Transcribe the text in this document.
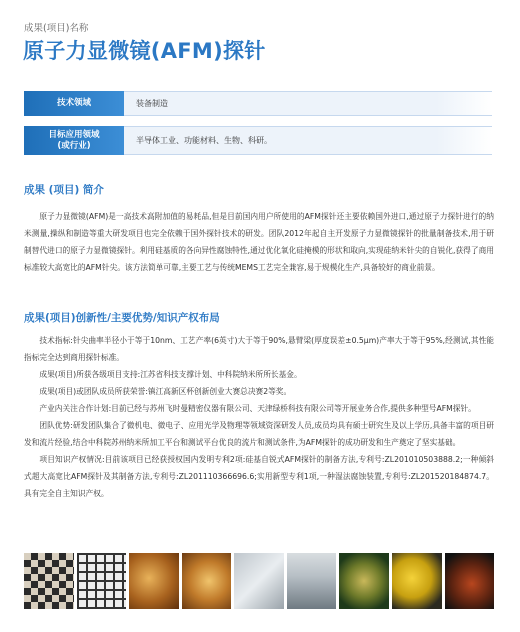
成果(项目)名称
原子力显微镜(AFM)探针
技术领域	装备制造
目标应用领域
(或行业)	半导体工业、功能材料、生物、科研。
成果 (项目) 简介

原子力显微镜(AFM)是一高技术高附加值的易耗品,但是目前国内用户所使用的AFM探针还主要依赖国外进口,通过原子力探针进行的纳米测量,操纵和制造等重大研发项目也完全依赖于国外探针技术的研发。团队2012年起自主开发原子力显微镜探针的批量制备技术,用于研制替代进口的原子力显微镜探针。利用硅基质的各向异性腐蚀特性,通过优化氧化硅掩模的形状和取向,实现硅纳米针尖的自锐化,获得了商用标准较大高宽比的AFM针尖。该方法简单可靠,主要工艺与传统MEMS工艺完全兼容,易于规模化生产,具备较好的商业前景。

成果(项目)创新性/主要优势/知识产权布局
技术指标:针尖曲率半径小于等于10nm、工艺产率(6英寸)大于等于90%,悬臂梁(厚度误差±0.5μm)产率大于等于95%,经测试,其性能指标完全达到商用探针标准。
成果(项目)所获各级项目支持:江苏省科技支撑计划、中科院纳米所所长基金。
成果(项目)或团队成员所获荣誉:镇江高新区杯创新创业大赛总决赛2等奖。
产业内关注合作计划:目前已经与苏州飞时曼精密仪器有限公司、天津绿桥科技有限公司等开展业务合作,提供多种型号AFM探针。
团队优势:研发团队集合了微机电、微电子、应用光学及物理等领域资深研发人员,成员均具有硕士研究生及以上学历,具备丰富的项目研发和流片经验,结合中科院苏州纳米所加工平台和测试平台优良的流片和测试条件,为AFM探针的成功研发和生产奠定了坚实基础。
项目知识产权情况:目前该项目已经获授权国内发明专利2项:硅基自锐式AFM探针的制备方法,专利号:ZL201010503888.2;一种倾斜式超大高宽比AFM探针及其制备方法,专利号:ZL201110366696.6;实用新型专利1项,一种湿法腐蚀装置,专利号:ZL201520184874.7。具有完全自主知识产权。
